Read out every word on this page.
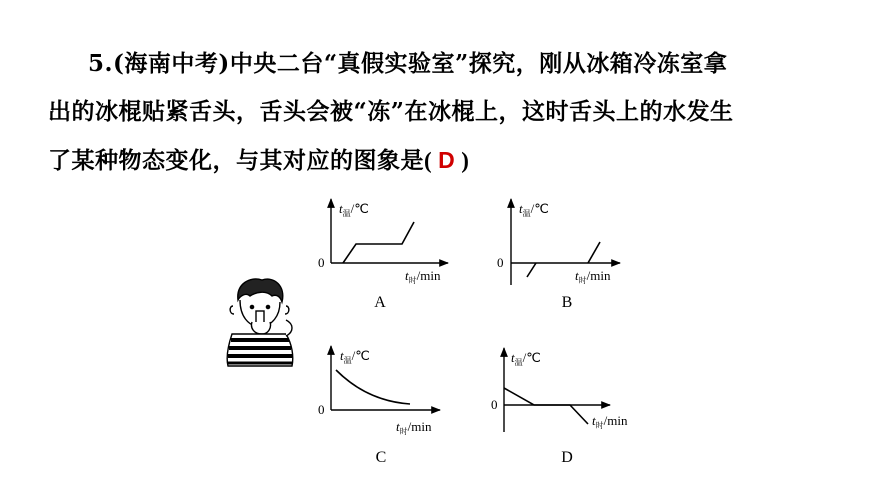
5.(海南中考)中央二台“真假实验室”探究，刚从冰箱冷冻室拿
出的冰棍贴紧舌头，舌头会被“冻”在冰棍上，这时舌头上的水发生
了某种物态变化，与其对应的图象是( D )
$t_温/℃$
0
$t_时/\min$
A
$t_温/℃$
0
$t_时/\min$
B
$t_温/℃$
0
$t_时/\min$
C
$t_温/℃$
0
$t_时/\min$
D
